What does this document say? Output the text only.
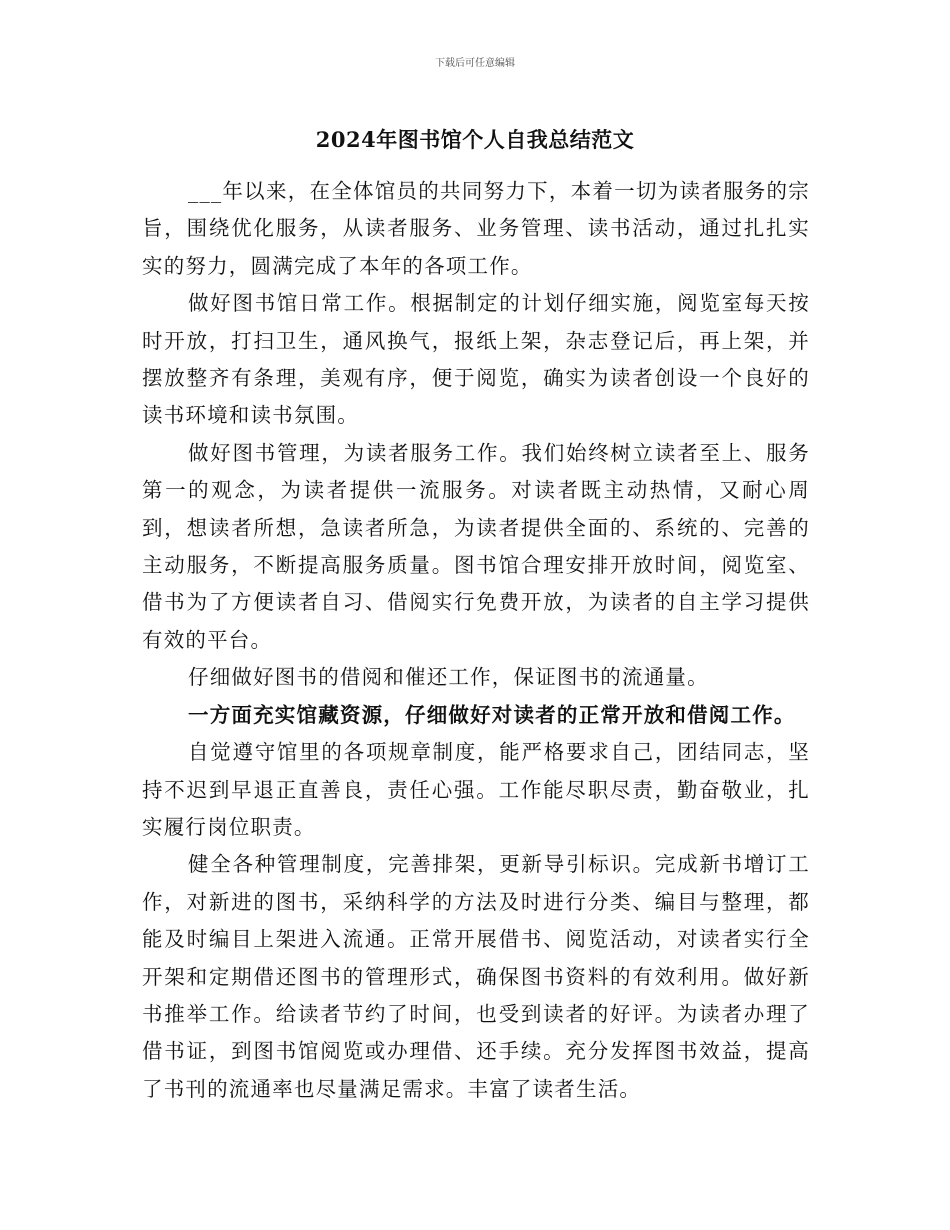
下载后可任意编辑
2024年图书馆个人自我总结范文

___年以来，在全体馆员的共同努力下，本着一切为读者服务的宗旨，围绕优化服务，从读者服务、业务管理、读书活动，通过扎扎实实的努力，圆满完成了本年的各项工作。

做好图书馆日常工作。根据制定的计划仔细实施，阅览室每天按时开放，打扫卫生，通风换气，报纸上架，杂志登记后，再上架，并摆放整齐有条理，美观有序，便于阅览，确实为读者创设一个良好的读书环境和读书氛围。

做好图书管理，为读者服务工作。我们始终树立读者至上、服务第一的观念，为读者提供一流服务。对读者既主动热情，又耐心周到，想读者所想，急读者所急，为读者提供全面的、系统的、完善的主动服务，不断提高服务质量。图书馆合理安排开放时间，阅览室、借书为了方便读者自习、借阅实行免费开放，为读者的自主学习提供有效的平台。

仔细做好图书的借阅和催还工作，保证图书的流通量。

一方面充实馆藏资源，仔细做好对读者的正常开放和借阅工作。

自觉遵守馆里的各项规章制度，能严格要求自己，团结同志，坚持不迟到早退正直善良，责任心强。工作能尽职尽责，勤奋敬业，扎实履行岗位职责。

健全各种管理制度，完善排架，更新导引标识。完成新书增订工作，对新进的图书，采纳科学的方法及时进行分类、编目与整理，都能及时编目上架进入流通。正常开展借书、阅览活动，对读者实行全开架和定期借还图书的管理形式，确保图书资料的有效利用。做好新书推举工作。给读者节约了时间，也受到读者的好评。为读者办理了借书证，到图书馆阅览或办理借、还手续。充分发挥图书效益，提高了书刊的流通率也尽量满足需求。丰富了读者生活。
